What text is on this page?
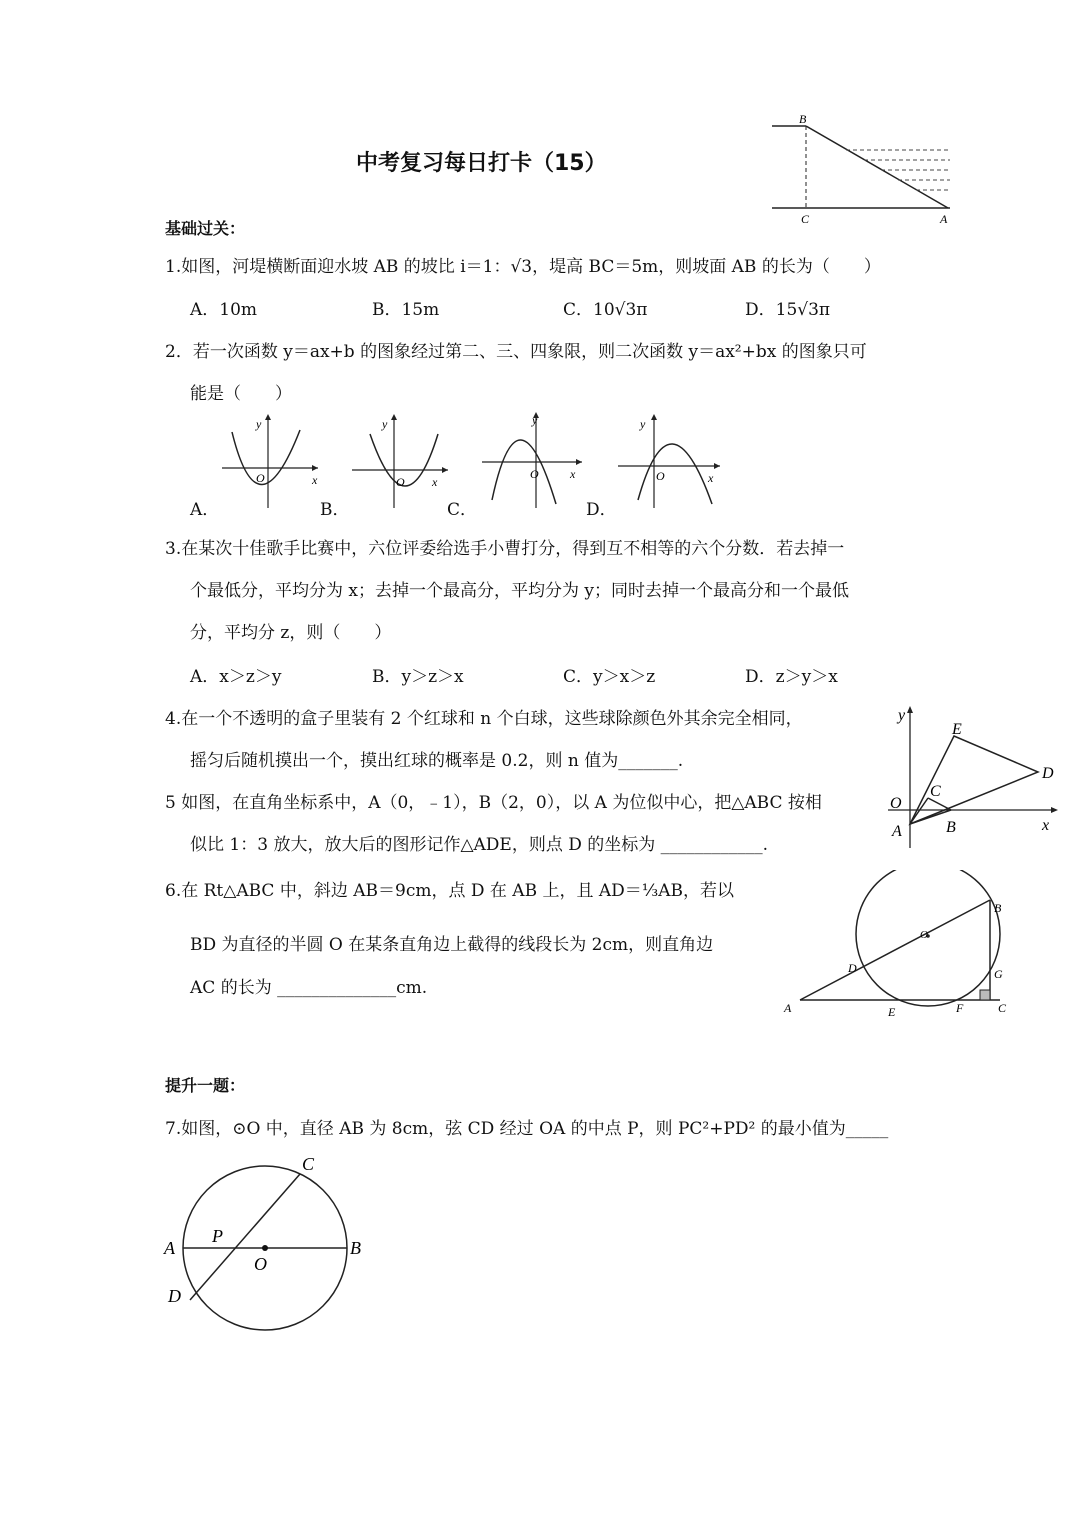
中考复习每日打卡（15）
B
C	A
基础过关：
1.如图，河堤横断面迎水坡 AB 的坡比 i＝1：√3，堤高 BC＝5m，则坡面 AB 的长为（　　）
A．10m	B．15m	C．10√3π	D．15√3π
2．若一次函数 y＝ax+b 的图象经过第二、三、四象限，则二次函数 y＝ax²+bx 的图象只可
能是（　　）
y
x
O
y
x
O
y
x
O
y
x
O
A．	B．	C．	D．
3.在某次十佳歌手比赛中，六位评委给选手小曹打分，得到互不相等的六个分数．若去掉一
个最低分，平均分为 x；去掉一个最高分，平均分为 y；同时去掉一个最高分和一个最低
分，平均分 z，则（　　）
A．x＞z＞y	B．y＞z＞x	C．y＞x＞z	D．z＞y＞x
4.在一个不透明的盒子里装有 2 个红球和 n 个白球，这些球除颜色外其余完全相同，
摇匀后随机摸出一个，摸出红球的概率是 0.2，则 n 值为_______.
y
x
O
A	B
C
D
E
5 如图，在直角坐标系中，A（0，﹣1），B（2，0），以 A 为位似中心，把△ABC 按相
似比 1：3 放大，放大后的图形记作△ADE，则点 D 的坐标为 ____________.
6.在 Rt△ABC 中，斜边 AB＝9cm，点 D 在 AB 上，且 AD＝⅓AB，若以
BD 为直径的半圆 O 在某条直角边上截得的线段长为 2cm，则直角边
AC 的长为 ______________cm.
A
B
C
D
E	F
G
O
提升一题：
7.如图，⊙O 中，直径 AB 为 8cm，弦 CD 经过 OA 的中点 P，则 PC²+PD² 的最小值为_____
A	B
C
D
O
P
